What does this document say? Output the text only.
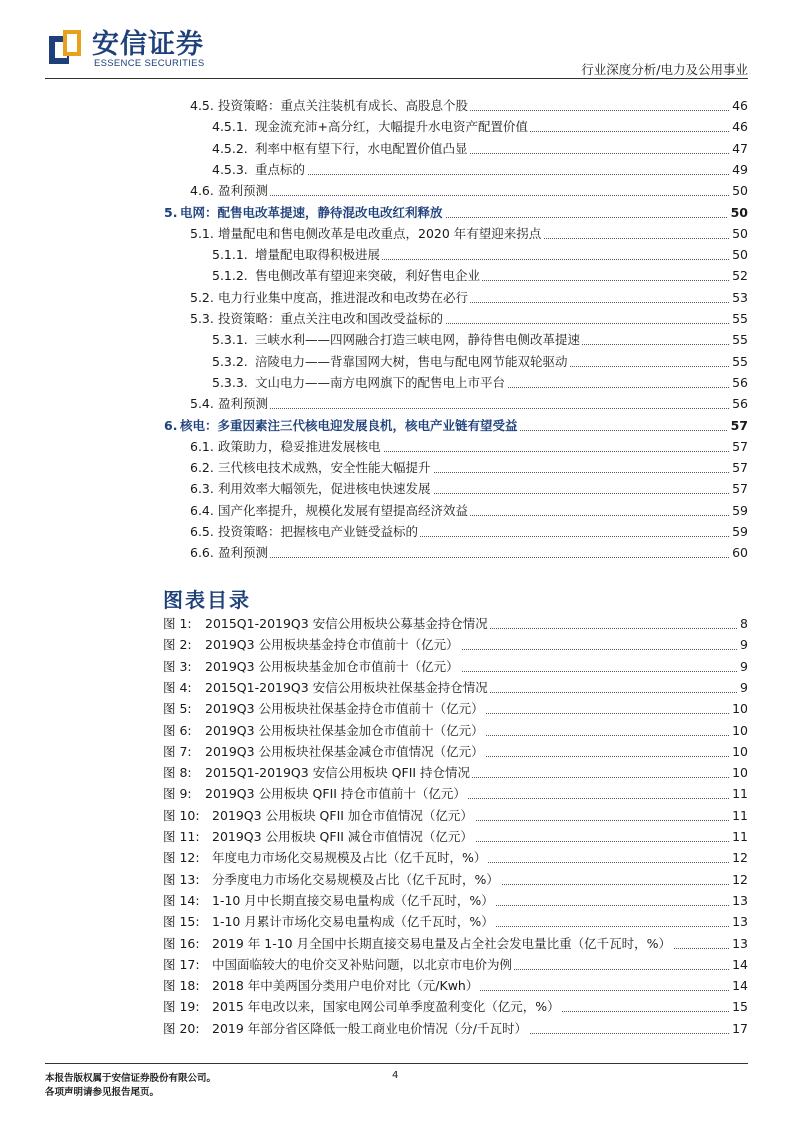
安信证券
ESSENCE SECURITIES	行业深度分析/电力及公用事业
4.5. 投资策略：重点关注装机有成长、高股息个股	46
4.5.1. 现金流充沛+高分红，大幅提升水电资产配置价值	46
4.5.2. 利率中枢有望下行，水电配置价值凸显	47
4.5.3. 重点标的	49
4.6. 盈利预测	50
5. 电网：配售电改革提速，静待混改电改红利释放	50
5.1. 增量配电和售电侧改革是电改重点，2020 年有望迎来拐点	50
5.1.1. 增量配电取得积极进展	50
5.1.2. 售电侧改革有望迎来突破，利好售电企业	52
5.2. 电力行业集中度高，推进混改和电改势在必行	53
5.3. 投资策略：重点关注电改和国改受益标的	55
5.3.1. 三峡水利——四网融合打造三峡电网，静待售电侧改革提速	55
5.3.2. 涪陵电力——背靠国网大树，售电与配电网节能双轮驱动	55
5.3.3. 文山电力——南方电网旗下的配售电上市平台	56
5.4. 盈利预测	56
6. 核电：多重因素注三代核电迎发展良机，核电产业链有望受益	57
6.1. 政策助力，稳妥推进发展核电	57
6.2. 三代核电技术成熟，安全性能大幅提升	57
6.3. 利用效率大幅领先，促进核电快速发展	57
6.4. 国产化率提升，规模化发展有望提高经济效益	59
6.5. 投资策略：把握核电产业链受益标的	59
6.6. 盈利预测	60
图表目录
图 1: 2015Q1-2019Q3 安信公用板块公募基金持仓情况	8
图 2: 2019Q3 公用板块基金持仓市值前十（亿元）	9
图 3: 2019Q3 公用板块基金加仓市值前十（亿元）	9
图 4: 2015Q1-2019Q3 安信公用板块社保基金持仓情况	9
图 5: 2019Q3 公用板块社保基金持仓市值前十（亿元）	10
图 6: 2019Q3 公用板块社保基金加仓市值前十（亿元）	10
图 7: 2019Q3 公用板块社保基金减仓市值情况（亿元）	10
图 8: 2015Q1-2019Q3 安信公用板块 QFII 持仓情况	10
图 9: 2019Q3 公用板块 QFII 持仓市值前十（亿元）	11
图 10: 2019Q3 公用板块 QFII 加仓市值情况（亿元）	11
图 11: 2019Q3 公用板块 QFII 减仓市值情况（亿元）	11
图 12: 年度电力市场化交易规模及占比（亿千瓦时，%）	12
图 13: 分季度电力市场化交易规模及占比（亿千瓦时，%）	12
图 14: 1-10 月中长期直接交易电量构成（亿千瓦时，%）	13
图 15: 1-10 月累计市场化交易电量构成（亿千瓦时，%）	13
图 16: 2019 年 1-10 月全国中长期直接交易电量及占全社会发电量比重（亿千瓦时，%）	13
图 17: 中国面临较大的电价交叉补贴问题，以北京市电价为例	14
图 18: 2018 年中美两国分类用户电价对比（元/Kwh）	14
图 19: 2015 年电改以来，国家电网公司单季度盈利变化（亿元，%）	15
图 20: 2019 年部分省区降低一般工商业电价情况（分/千瓦时）	17
本报告版权属于安信证券股份有限公司。
各项声明请参见报告尾页。
4
